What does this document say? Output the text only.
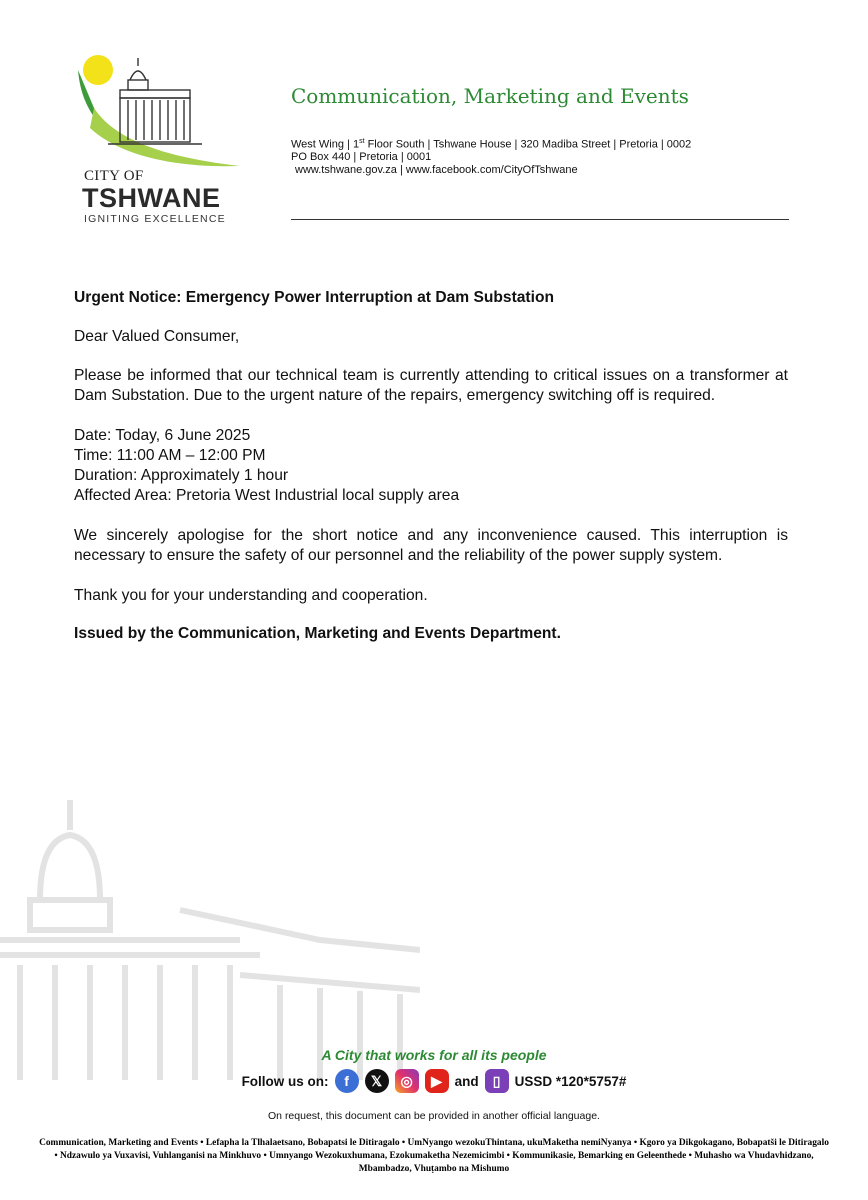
CITY OF
TSHWANE
IGNITING EXCELLENCE
Communication, Marketing and Events
West Wing | 1st Floor South | Tshwane House | 320 Madiba Street | Pretoria | 0002
PO Box 440 | Pretoria | 0001
www.tshwane.gov.za | www.facebook.com/CityOfTshwane

Urgent Notice: Emergency Power Interruption at Dam Substation

Dear Valued Consumer,

Please be informed that our technical team is currently attending to critical issues on a transformer at Dam Substation. Due to the urgent nature of the repairs, emergency switching off is required.

Date: Today, 6 June 2025

Time: 11:00 AM – 12:00 PM

Duration: Approximately 1 hour

Affected Area: Pretoria West Industrial local supply area

We sincerely apologise for the short notice and any inconvenience caused. This interruption is necessary to ensure the safety of our personnel and the reliability of the power supply system.

Thank you for your understanding and cooperation.

Issued by the Communication, Marketing and Events Department.

A City that works for all its people
Follow us on:	f	𝕏	◎	▶ and	▯	USSD *120*5757#
On request, this document can be provided in another official language.
Communication, Marketing and Events • Lefapha la Tlhalaetsano, Bobapatsi le Ditiragalo • UmNyango wezokuThintana, ukuMaketha nemiNyanya • Kgoro ya Dikgokagano, Bobapatši le Ditiragalo
• Ndzawulo ya Vuxavisi, Vuhlanganisi na Minkhuvo • Umnyango Wezokuxhumana, Ezokumaketha Nezemicimbi • Kommunikasie, Bemarking en Geleenthede • Muhasho wa Vhudavhidzano,
Mbambadzo, Vhuṭambo na Mishumo
